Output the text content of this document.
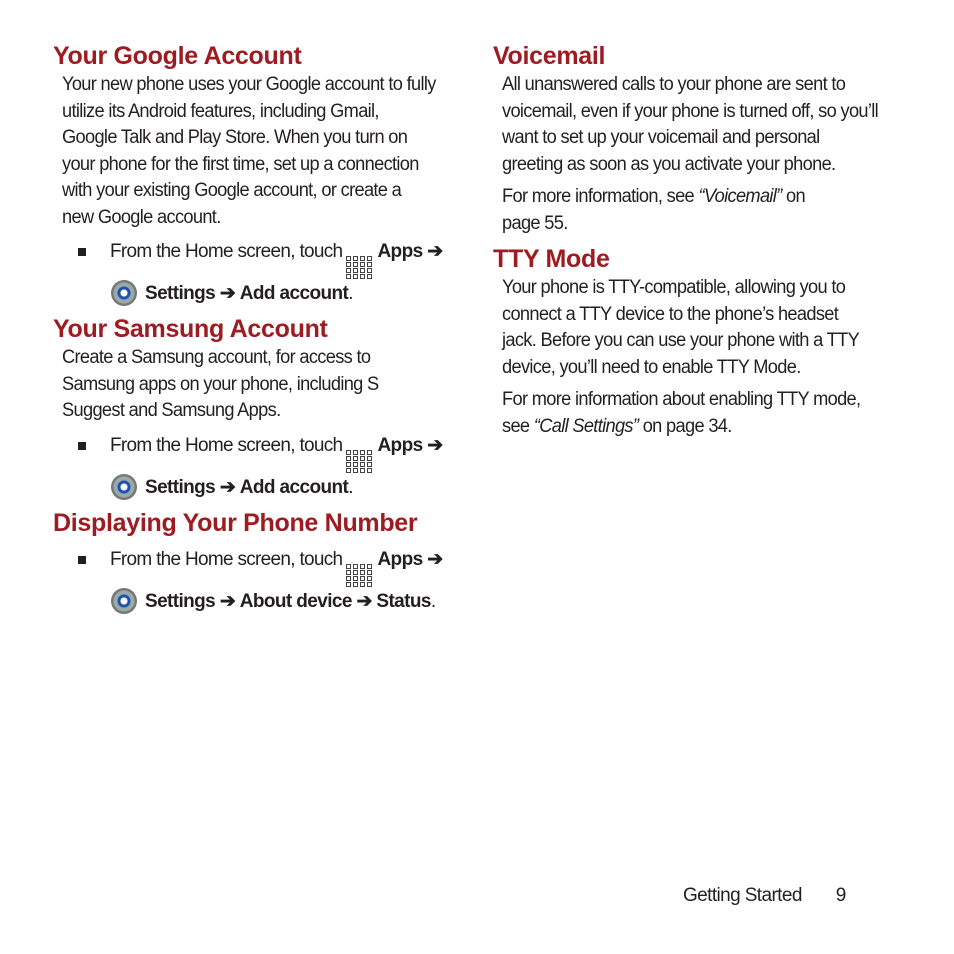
Your Google Account

Your new phone uses your Google account to fully utilize its Android features, including Gmail, Google Talk and Play Store. When you turn on your phone for the first time, set up a connection with your existing Google account, or create a new Google account.

From the Home screen, touch Apps ➔
Settings ➔ Add account.
Your Samsung Account

Create a Samsung account, for access to Samsung apps on your phone, including S Suggest and Samsung Apps.

From the Home screen, touch Apps ➔
Settings ➔ Add account.
Displaying Your Phone Number
From the Home screen, touch Apps ➔
Settings ➔ About device ➔ Status.
Voicemail

All unanswered calls to your phone are sent to voicemail, even if your phone is turned off, so you’ll want to set up your voicemail and personal greeting as soon as you activate your phone.

For more information, see “Voicemail” on page 55.

TTY Mode

Your phone is TTY-compatible, allowing you to connect a TTY device to the phone’s headset jack. Before you can use your phone with a TTY device, you’ll need to enable TTY Mode.

For more information about enabling TTY mode, see “Call Settings” on page 34.

Getting Started 9
